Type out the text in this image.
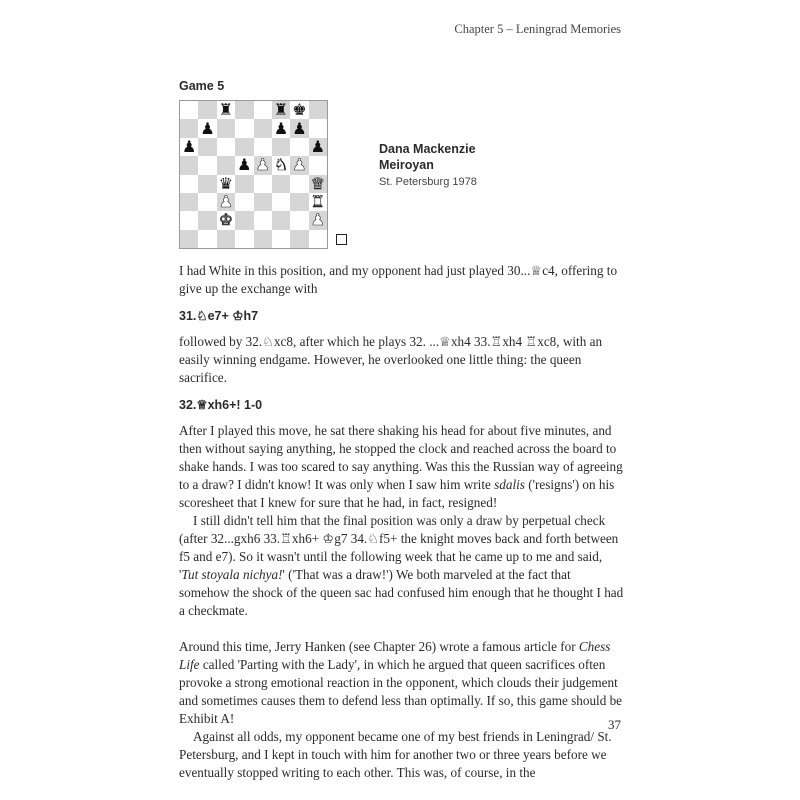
Chapter 5 – Leningrad Memories
Game 5
♜	♜ ♚
♟	♟ ♟
♟	♟
♟ ♟ ♞ ♟
♛	♛
♟	♜
♚	♟
Dana Mackenzie
Meiroyan
St. Petersburg 1978

I had White in this position, and my opponent had just played 30...♕c4, offering to give up the exchange with

31.♘e7+ ♔h7

followed by 32.♘xc8, after which he plays 32. ...♕xh4 33.♖xh4 ♖xc8, with an easily winning endgame. However, he overlooked one little thing: the queen sacrifice.

32.♕xh6+! 1-0

After I played this move, he sat there shaking his head for about five minutes, and then without saying anything, he stopped the clock and reached across the board to shake hands. I was too scared to say anything. Was this the Russian way of agreeing to a draw? I didn't know! It was only when I saw him write sdalis ('resigns') on his scoresheet that I knew for sure that he had, in fact, resigned!

I still didn't tell him that the final position was only a draw by perpetual check (after 32...gxh6 33.♖xh6+ ♔g7 34.♘f5+ the knight moves back and forth between f5 and e7). So it wasn't until the following week that he came up to me and said, 'Tut stoyala nichya!' ('That was a draw!') We both marveled at the fact that somehow the shock of the queen sac had confused him enough that he thought I had a checkmate.

Around this time, Jerry Hanken (see Chapter 26) wrote a famous article for Chess Life called 'Parting with the Lady', in which he argued that queen sacrifices often provoke a strong emotional reaction in the opponent, which clouds their judgement and sometimes causes them to defend less than optimally. If so, this game should be Exhibit A!

Against all odds, my opponent became one of my best friends in Leningrad/ St. Petersburg, and I kept in touch with him for another two or three years before we eventually stopped writing to each other. This was, of course, in the

37
